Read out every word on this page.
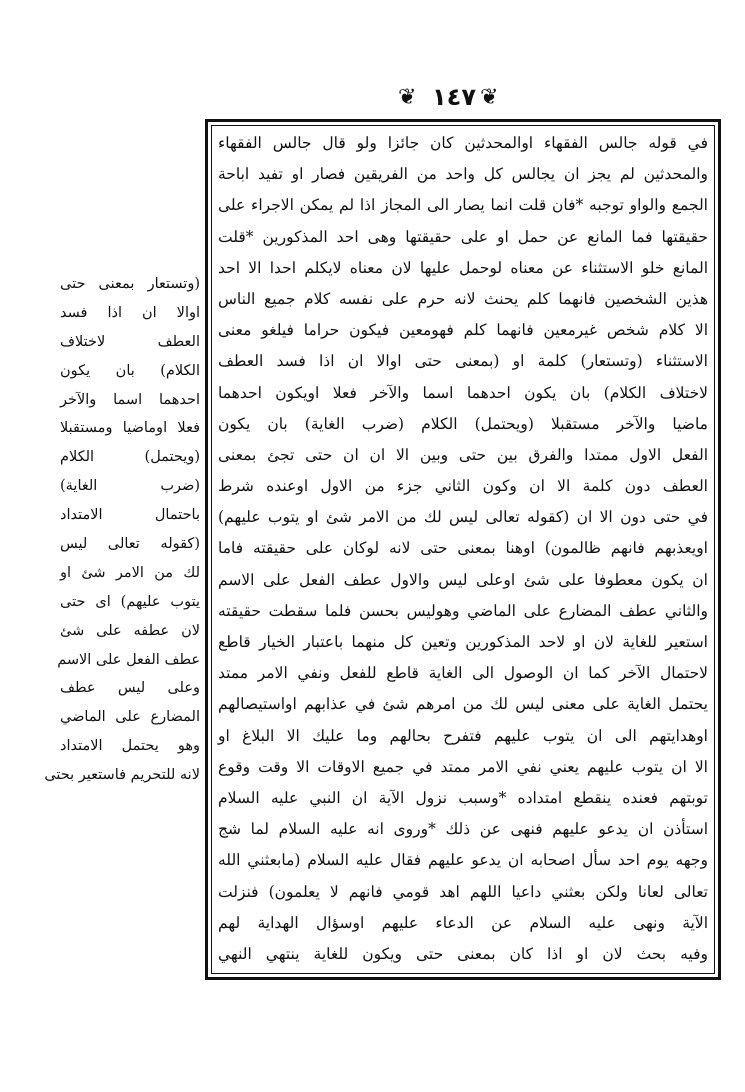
❦ ١٤٧ ❦
في قوله جالس الفقهاء اوالمحدثين كان جائزا ولو قال جالس الفقهاء
والمحدثين لم يجز ان يجالس كل واحد من الفريقين فصار او تفيد اباحة
الجمع والواو توجبه *فان قلت انما يصار الى المجاز اذا لم يمكن الاجراء على
حقيقتها فما المانع عن حمل او على حقيقتها وهى احد المذكورين *قلت
المانع خلو الاستثناء عن معناه لوحمل عليها لان معناه لايكلم احدا الا احد
هذين الشخصين فانهما كلم يحنث لانه حرم على نفسه كلام جميع الناس
الا كلام شخص غيرمعين فانهما كلم فهومعين فيكون حراما فيلغو معنى
الاستثناء (وتستعار) كلمة او (بمعنى حتى اوالا ان اذا فسد العطف
لاختلاف الكلام) بان يكون احدهما اسما والآخر فعلا اويكون احدهما
ماضيا والآخر مستقبلا (ويحتمل) الكلام (ضرب الغاية) بان يكون
الفعل الاول ممتدا والفرق بين حتى وبين الا ان ان حتى تجئ بمعنى
العطف دون كلمة الا ان وكون الثاني جزء من الاول اوعنده شرط
في حتى دون الا ان (كقوله تعالى ليس لك من الامر شئ او يتوب عليهم)
اويعذبهم فانهم ظالمون) اوهنا بمعنى حتى لانه لوكان على حقيقته فاما
ان يكون معطوفا على شئ اوعلى ليس والاول عطف الفعل على الاسم
والثاني عطف المضارع على الماضي وهوليس بحسن فلما سقطت حقيقته
استعير للغاية لان او لاحد المذكورين وتعين كل منهما باعتبار الخيار قاطع
لاحتمال الآخر كما ان الوصول الى الغاية قاطع للفعل ونفي الامر ممتد
يحتمل الغاية على معنى ليس لك من امرهم شئ في عذابهم اواستيصالهم
اوهدايتهم الى ان يتوب عليهم فتفرح بحالهم وما عليك الا البلاغ او
الا ان يتوب عليهم يعني نفي الامر ممتد في جميع الاوقات الا وقت وقوع
توبتهم فعنده ينقطع امتداده *وسبب نزول الآية ان النبي عليه السلام
استأذن ان يدعو عليهم فنهى عن ذلك *وروى انه عليه السلام لما شج
وجهه يوم احد سأل اصحابه ان يدعو عليهم فقال عليه السلام (مابعثني الله
تعالى لعانا ولكن بعثني داعيا اللهم اهد قومي فانهم لا يعلمون) فنزلت
الآية ونهى عليه السلام عن الدعاء عليهم اوسؤال الهداية لهم
وفيه بحث لان او اذا كان بمعنى حتى ويكون للغاية ينتهي النهي
(وتستعار بمعنى حتى
اوالا ان اذا فسد
العطف لاختلاف
الكلام) بان يكون
احدهما اسما والآخر
فعلا اوماضيا ومستقبلا
(ويحتمل) الكلام
(ضرب الغاية)
باحتمال الامتداد
(كقوله تعالى ليس
لك من الامر شئ او
يتوب عليهم) اى حتى
لان عطفه على شئ
عطف الفعل على الاسم
وعلى ليس عطف
المضارع على الماضي
وهو يحتمل الامتداد
لانه للتحريم فاستعير بحتى
